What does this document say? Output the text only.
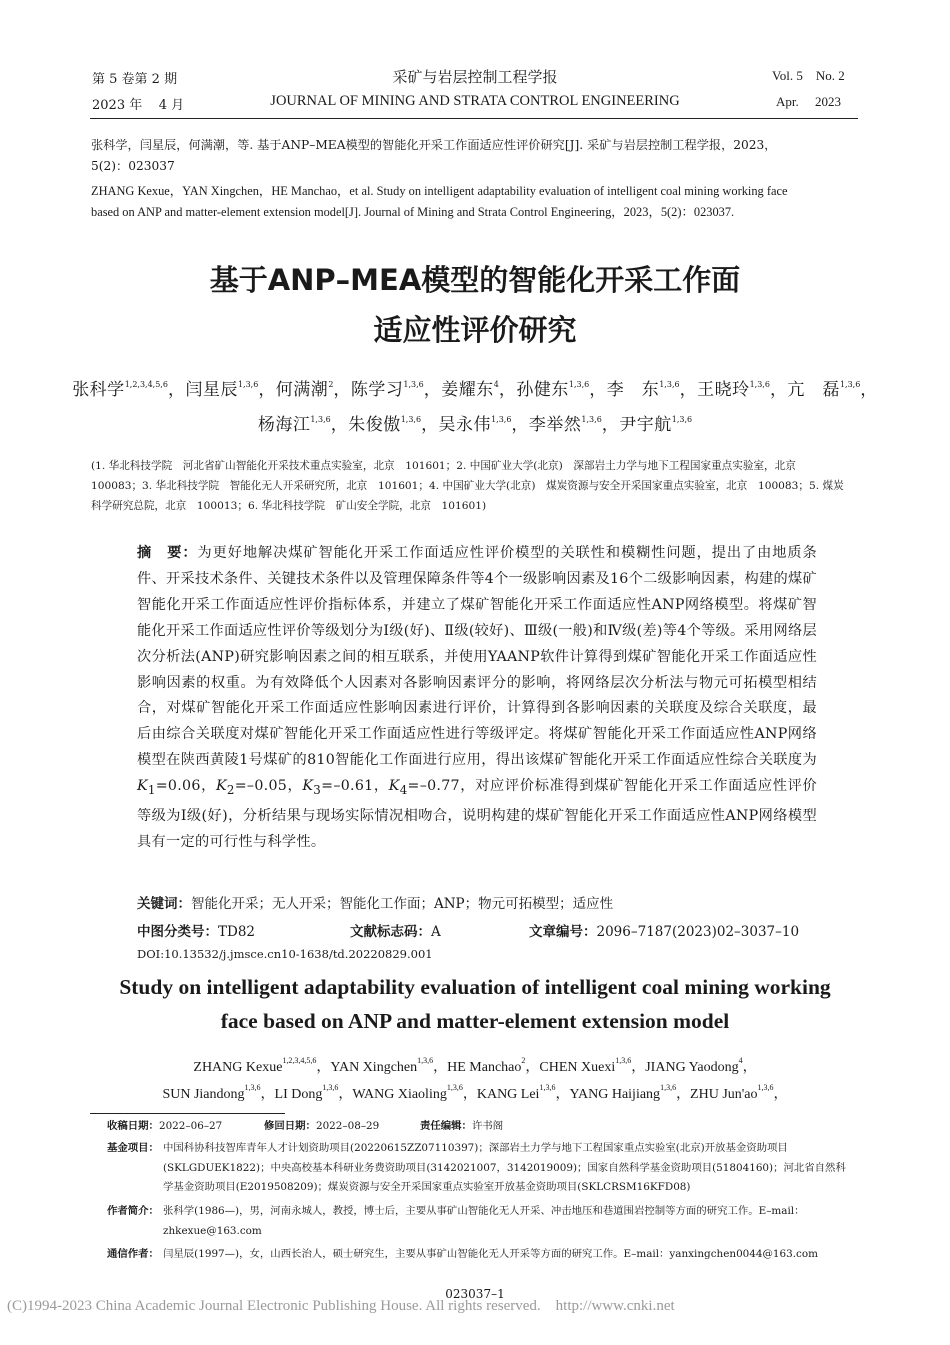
第 5 卷第 2 期	采矿与岩层控制工程学报	Vol. 5    No. 2
2023 年    4 月	JOURNAL OF MINING AND STRATA CONTROL ENGINEERING	Apr.     2023
张科学，闫星辰，何满潮，等. 基于ANP–MEA模型的智能化开采工作面适应性评价研究[J]. 采矿与岩层控制工程学报，2023，
5(2)：023037
ZHANG Kexue，YAN Xingchen，HE Manchao，et al. Study on intelligent adaptability evaluation of intelligent coal mining working face
based on ANP and matter-element extension model[J]. Journal of Mining and Strata Control Engineering，2023，5(2)：023037.
基于ANP–MEA模型的智能化开采工作面
适应性评价研究
张科学$^{1,2,3,4,5,6}$，闫星辰$^{1,3,6}$，何满潮$^2$，陈学习$^{1,3,6}$，姜耀东$^4$，孙健东$^{1,3,6}$，李　东$^{1,3,6}$，王晓玲$^{1,3,6}$，亢　磊$^{1,3,6}$，
杨海江$^{1,3,6}$，朱俊傲$^{1,3,6}$，吴永伟$^{1,3,6}$，李举然$^{1,3,6}$，尹宇航$^{1,3,6}$
(1. 华北科技学院　河北省矿山智能化开采技术重点实验室，北京　101601；2. 中国矿业大学(北京)　深部岩土力学与地下工程国家重点实验室，北京
100083；3. 华北科技学院　智能化无人开采研究所，北京　101601；4. 中国矿业大学(北京)　煤炭资源与安全开采国家重点实验室，北京　100083；5. 煤炭
科学研究总院，北京　100013；6. 华北科技学院　矿山安全学院，北京　101601)
摘　要：为更好地解决煤矿智能化开采工作面适应性评价模型的关联性和模糊性问题，提出了由地质条件、开采技术条件、关键技术条件以及管理保障条件等4个一级影响因素及16个二级影响因素，构建的煤矿智能化开采工作面适应性评价指标体系，并建立了煤矿智能化开采工作面适应性ANP网络模型。将煤矿智能化开采工作面适应性评价等级划分为Ⅰ级(好)、Ⅱ级(较好)、Ⅲ级(一般)和Ⅳ级(差)等4个等级。采用网络层次分析法(ANP)研究影响因素之间的相互联系，并使用YAANP软件计算得到煤矿智能化开采工作面适应性影响因素的权重。为有效降低个人因素对各影响因素评分的影响，将网络层次分析法与物元可拓模型相结合，对煤矿智能化开采工作面适应性影响因素进行评价，计算得到各影响因素的关联度及综合关联度，最后由综合关联度对煤矿智能化开采工作面适应性进行等级评定。将煤矿智能化开采工作面适应性ANP网络模型在陕西黄陵1号煤矿的810智能化工作面进行应用，得出该煤矿智能化开采工作面适应性综合关联度为$K_1=0.06$，$K_2=-0.05$，$K_3=-0.61$，$K_4=-0.77$，对应评价标准得到煤矿智能化开采工作面适应性评价等级为Ⅰ级(好)，分析结果与现场实际情况相吻合，说明构建的煤矿智能化开采工作面适应性ANP网络模型具有一定的可行性与科学性。
关键词：智能化开采；无人开采；智能化工作面；ANP；物元可拓模型；适应性
中图分类号：TD82	文献标志码：A	文章编号：2096–7187(2023)02–3037–10
DOI:10.13532/j.jmsce.cn10-1638/td.20220829.001
Study on intelligent adaptability evaluation of intelligent coal mining working
face based on ANP and matter-element extension model
ZHANG Kexue$^{1,2,3,4,5,6}$，YAN Xingchen$^{1,3,6}$，HE Manchao$^2$，CHEN Xuexi$^{1,3,6}$，JIANG Yaodong$^4$，
SUN Jiandong$^{1,3,6}$，LI Dong$^{1,3,6}$，WANG Xiaoling$^{1,3,6}$，KANG Lei$^{1,3,6}$，YANG Haijiang$^{1,3,6}$，ZHU Jun'ao$^{1,3,6}$，
收稿日期：2022–06–27	修回日期：2022–08–29	责任编辑：许书阁
基金项目： 中国科协科技智库青年人才计划资助项目(20220615ZZ07110397)；深部岩土力学与地下工程国家重点实验室(北京)开放基金资助项目
(SKLGDUEK1822)；中央高校基本科研业务费资助项目(3142021007，3142019009)；国家自然科学基金资助项目(51804160)；河北省自然科
学基金资助项目(E2019508209)；煤炭资源与安全开采国家重点实验室开放基金资助项目(SKLCRSM16KFD08)
作者简介： 张科学(1986—)，男，河南永城人，教授，博士后，主要从事矿山智能化无人开采、冲击地压和巷道围岩控制等方面的研究工作。E–mail：
zhkexue@163.com
通信作者： 闫星辰(1997—)，女，山西长治人，硕士研究生，主要从事矿山智能化无人开采等方面的研究工作。E–mail：yanxingchen0044@163.com
023037–1
(C)1994-2023 China Academic Journal Electronic Publishing House. All rights reserved.    http://www.cnki.net
